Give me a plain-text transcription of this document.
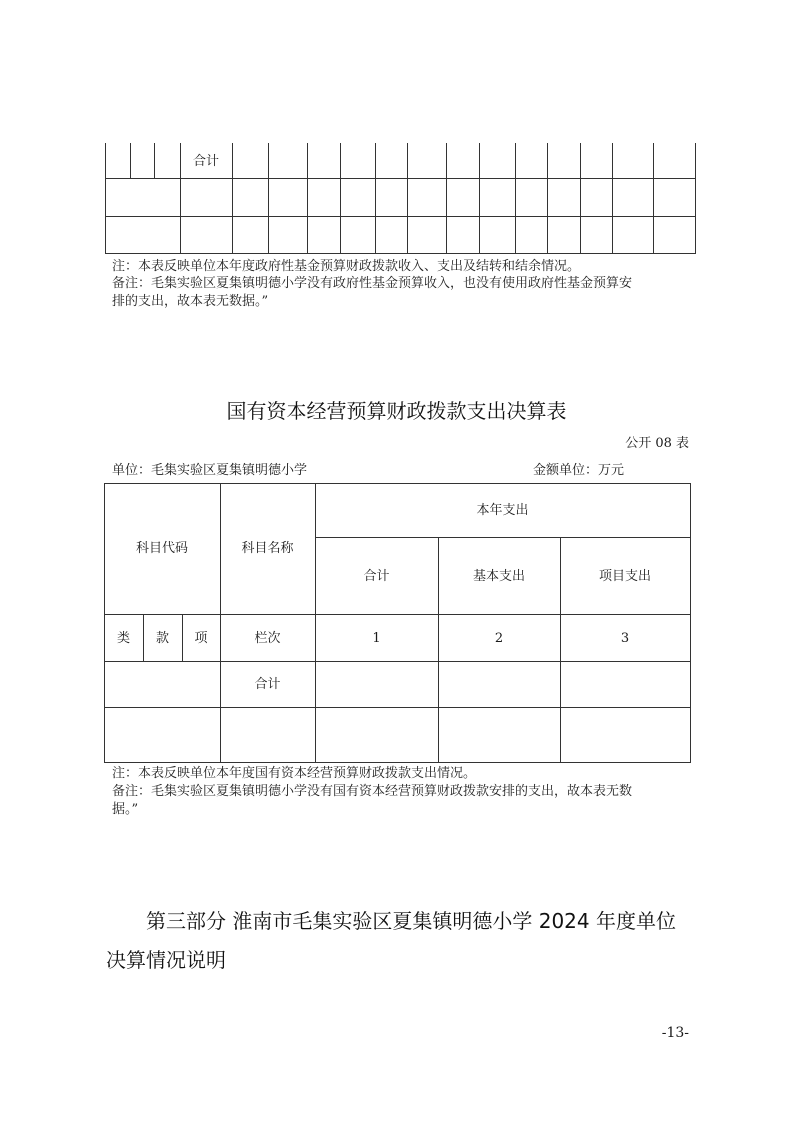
合计
注：本表反映单位本年度政府性基金预算财政拨款收入、支出及结转和结余情况。
备注：毛集实验区夏集镇明德小学没有政府性基金预算收入，也没有使用政府性基金预算安
排的支出，故本表无数据。”
国有资本经营预算财政拨款支出决算表
公开 08 表
单位：毛集实验区夏集镇明德小学	金额单位：万元
科目代码	科目名称
本年支出
合计	基本支出	项目支出
类	款	项	栏次	1	2	3
合计
注：本表反映单位本年度国有资本经营预算财政拨款支出情况。
备注：毛集实验区夏集镇明德小学没有国有资本经营预算财政拨款安排的支出，故本表无数
据。”
第三部分 淮南市毛集实验区夏集镇明德小学 2024 年度单位
决算情况说明
-13-
